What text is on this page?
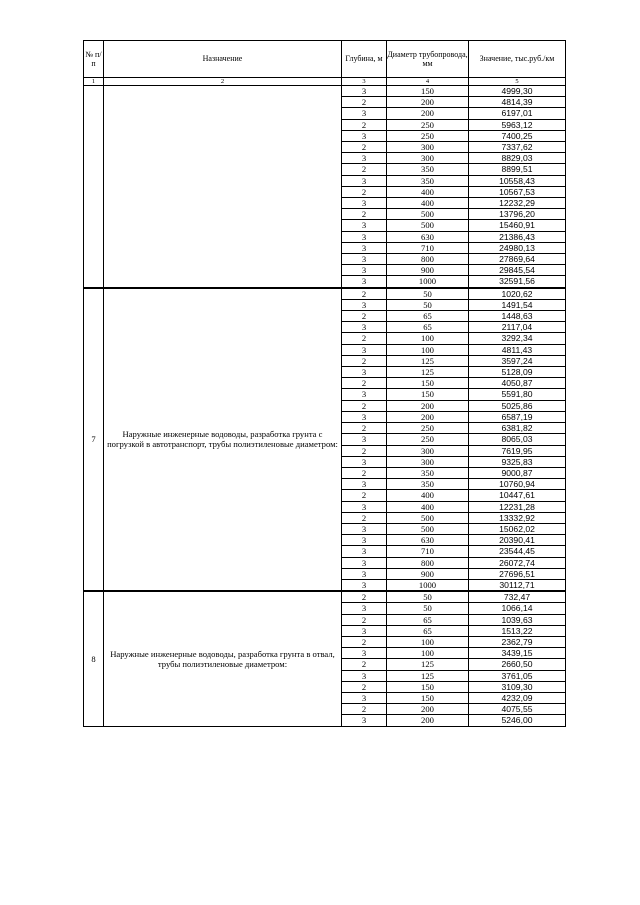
№ п/п	Назначение	Глубина, м	Диаметр трубопровода, мм	Значение, тыс.руб./км
1	2	3	4	5
		3	150	4999,30
		2	200	4814,39
		3	200	6197,01
		2	250	5963,12
		3	250	7400,25
		2	300	7337,62
		3	300	8829,03
		2	350	8899,51
		3	350	10558,43
		2	400	10567,53
		3	400	12232,29
		2	500	13796,20
		3	500	15460,91
		3	630	21386,43
		3	710	24980,13
		3	800	27869,64
		3	900	29845,54
		3	1000	32591,56
7	Наружные инженерные водоводы, разработка грунта с погрузкой в автотранспорт, трубы полиэтиленовые диаметром:	2	50	1020,62
		3	50	1491,54
		2	65	1448,63
		3	65	2117,04
		2	100	3292,34
		3	100	4811,43
		2	125	3597,24
		3	125	5128,09
		2	150	4050,87
		3	150	5591,80
		2	200	5025,86
		3	200	6587,19
		2	250	6381,82
		3	250	8065,03
		2	300	7619,95
		3	300	9325,83
		2	350	9000,87
		3	350	10760,94
		2	400	10447,61
		3	400	12231,28
		2	500	13332,92
		3	500	15062,02
		3	630	20390,41
		3	710	23544,45
		3	800	26072,74
		3	900	27696,51
		3	1000	30112,71
8	Наружные инженерные водоводы, разработка грунта в отвал, трубы полиэтиленовые диаметром:	2	50	732,47
		3	50	1066,14
		2	65	1039,63
		3	65	1513,22
		2	100	2362,79
		3	100	3439,15
		2	125	2660,50
		3	125	3761,05
		2	150	3109,30
		3	150	4232,09
		2	200	4075,55
		3	200	5246,00
